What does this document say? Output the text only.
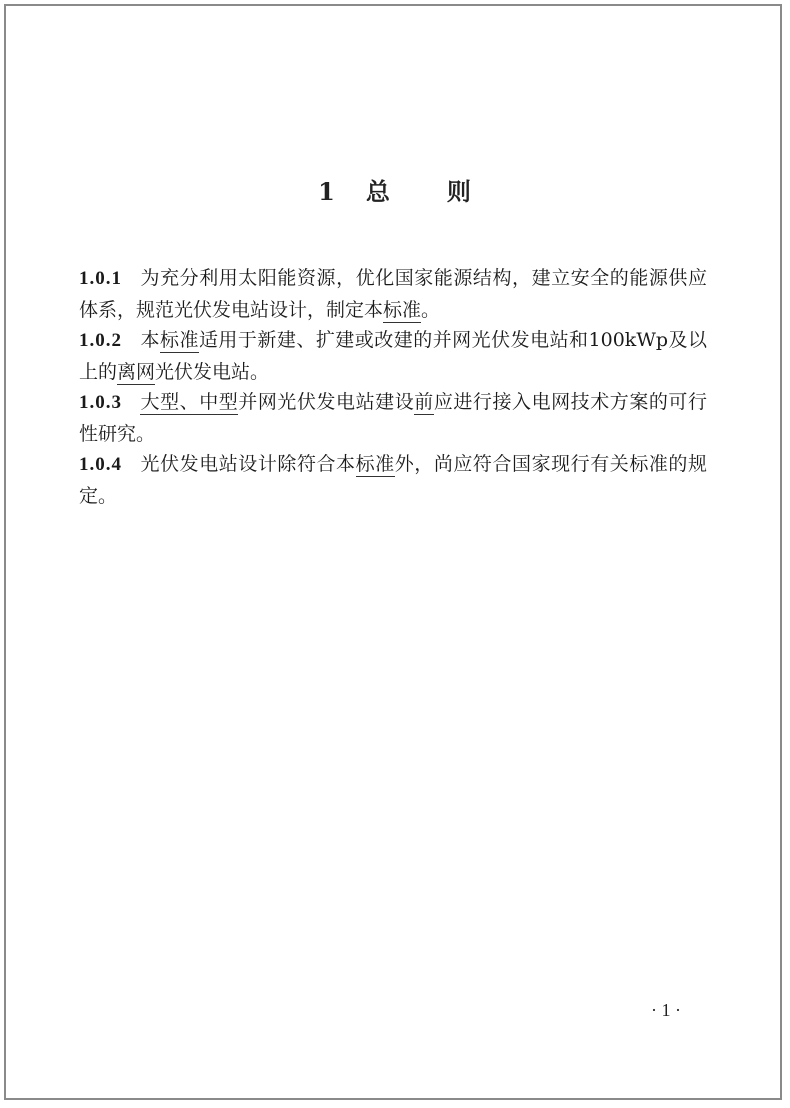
1 总 则

1.0.1 为充分利用太阳能资源，优化国家能源结构，建立安全的能源供应体系，规范光伏发电站设计，制定本标准。

1.0.2 本标准适用于新建、扩建或改建的并网光伏发电站和100kWp及以上的离网光伏发电站。

1.0.3 大型、中型并网光伏发电站建设前应进行接入电网技术方案的可行性研究。

1.0.4 光伏发电站设计除符合本标准外，尚应符合国家现行有关标准的规定。

· 1 ·
